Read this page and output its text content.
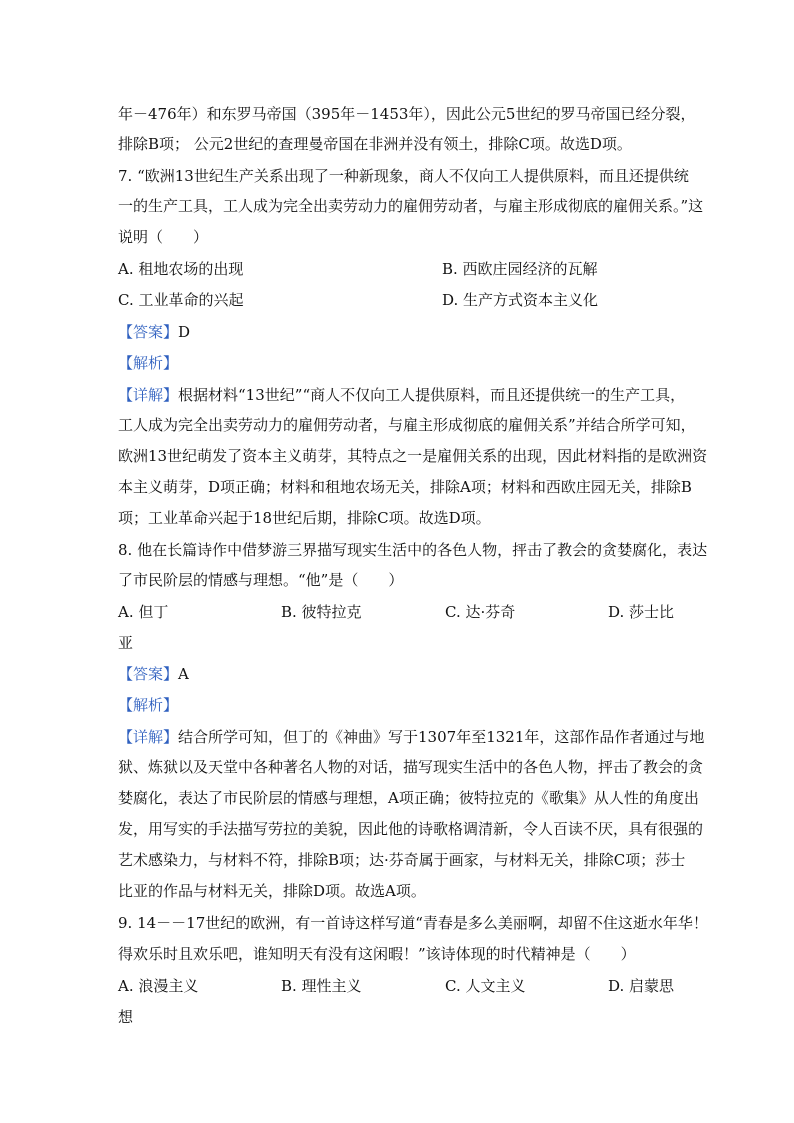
年－476年）和东罗马帝国（395年－1453年），因此公元5世纪的罗马帝国已经分裂，
排除B项； 公元2世纪的查理曼帝国在非洲并没有领土，排除C项。故选D项。
7. “欧洲13世纪生产关系出现了一种新现象，商人不仅向工人提供原料，而且还提供统
一的生产工具，工人成为完全出卖劳动力的雇佣劳动者，与雇主形成彻底的雇佣关系。”这
说明（　　）
A. 租地农场的出现	B. 西欧庄园经济的瓦解
C. 工业革命的兴起	D. 生产方式资本主义化
【答案】D
【解析】
【详解】根据材料“13世纪”“商人不仅向工人提供原料，而且还提供统一的生产工具，
工人成为完全出卖劳动力的雇佣劳动者，与雇主形成彻底的雇佣关系”并结合所学可知，
欧洲13世纪萌发了资本主义萌芽，其特点之一是雇佣关系的出现，因此材料指的是欧洲资
本主义萌芽，D项正确；材料和租地农场无关，排除A项；材料和西欧庄园无关，排除B
项；工业革命兴起于18世纪后期，排除C项。故选D项。
8. 他在长篇诗作中借梦游三界描写现实生活中的各色人物，抨击了教会的贪婪腐化，表达
了市民阶层的情感与理想。“他”是（　　）
A. 但丁	B. 彼特拉克	C. 达·芬奇	D. 莎士比
亚
【答案】A
【解析】
【详解】结合所学可知，但丁的《神曲》写于1307年至1321年，这部作品作者通过与地
狱、炼狱以及天堂中各种著名人物的对话，描写现实生活中的各色人物，抨击了教会的贪
婪腐化，表达了市民阶层的情感与理想，A项正确；彼特拉克的《歌集》从人性的角度出
发，用写实的手法描写劳拉的美貌，因此他的诗歌格调清新，令人百读不厌，具有很强的
艺术感染力，与材料不符，排除B项；达·芬奇属于画家，与材料无关，排除C项；莎士
比亚的作品与材料无关，排除D项。故选A项。
9. 14－－17世纪的欧洲，有一首诗这样写道“青春是多么美丽啊，却留不住这逝水年华！
得欢乐时且欢乐吧，谁知明天有没有这闲暇！”该诗体现的时代精神是（　　）
A. 浪漫主义	B. 理性主义	C. 人文主义	D. 启蒙思
想
